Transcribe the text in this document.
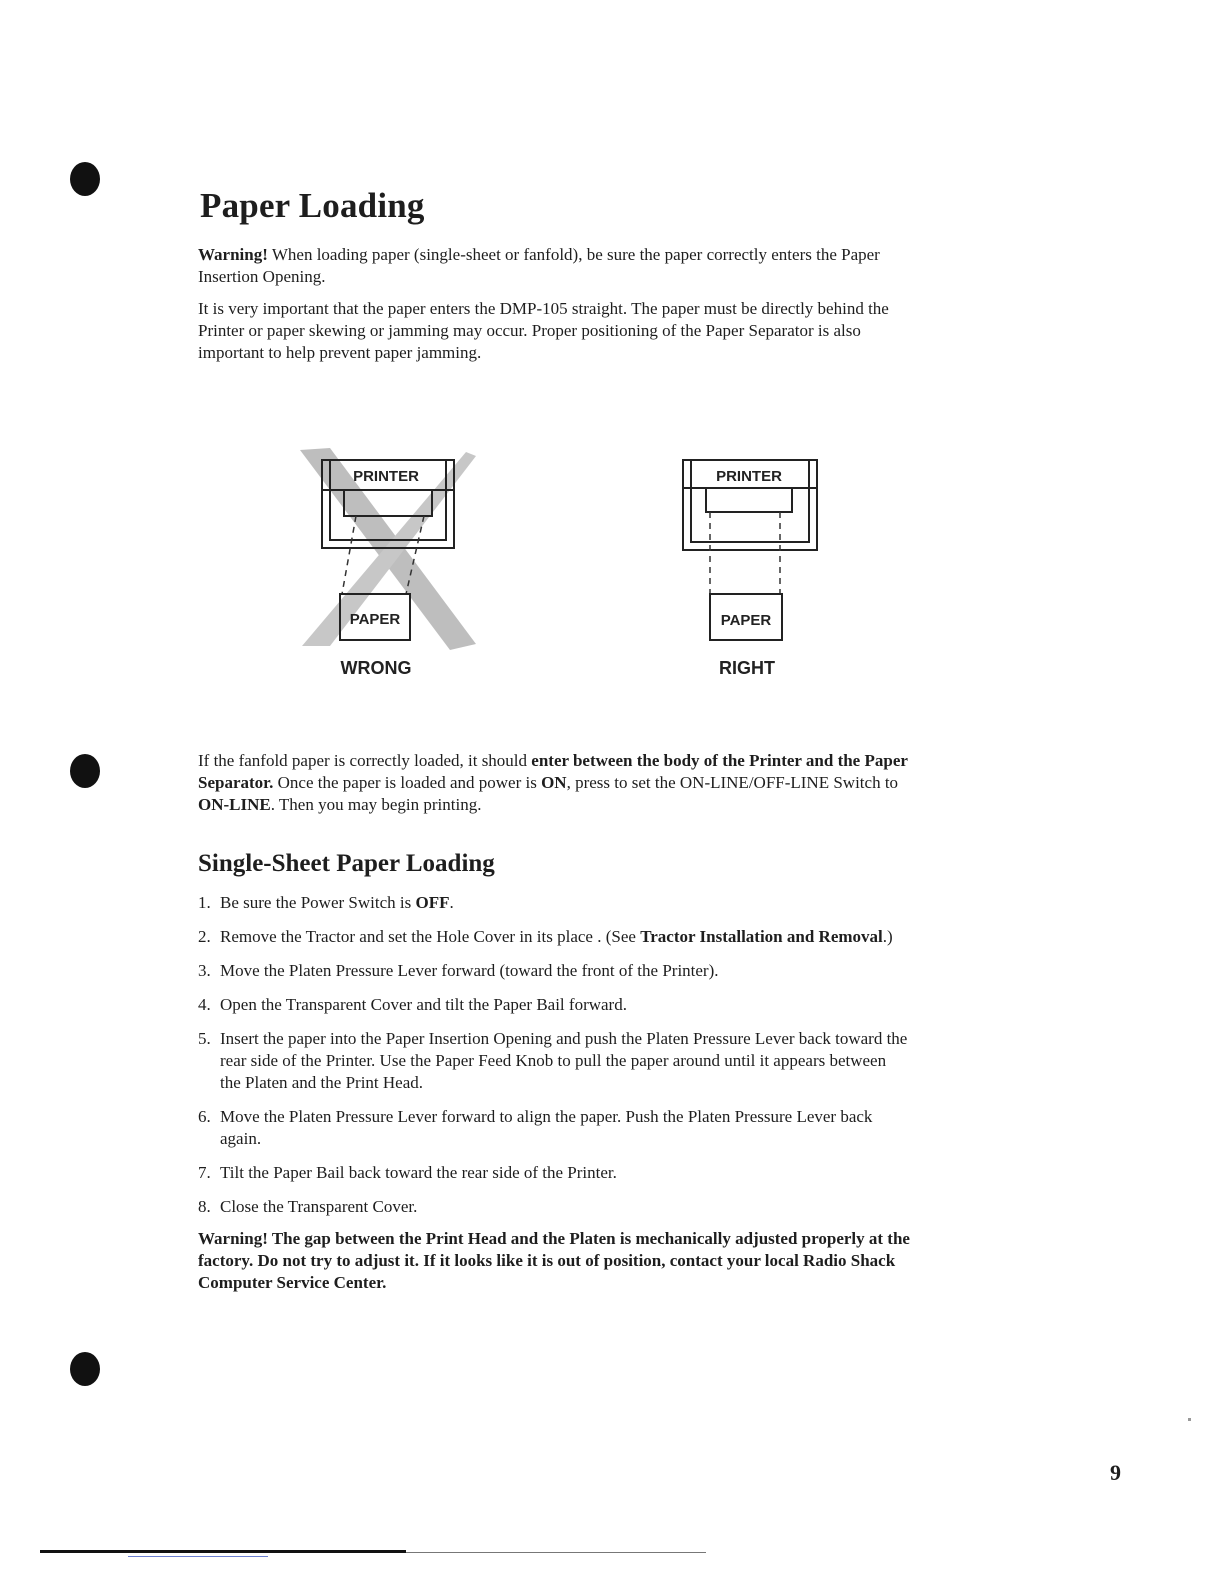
Paper Loading

Warning! When loading paper (single-sheet or fanfold), be sure the paper correctly enters the Paper Insertion Opening.

It is very important that the paper enters the DMP-105 straight. The paper must be directly behind the Printer or paper skewing or jamming may occur. Proper positioning of the Paper Separator is also important to help prevent paper jamming.

PRINTER
PAPER
WRONG
PRINTER
PAPER
RIGHT

If the fanfold paper is correctly loaded, it should enter between the body of the Printer and the Paper Separator. Once the paper is loaded and power is ON, press to set the ON-LINE/OFF-LINE Switch to ON-LINE. Then you may begin printing.

Single-Sheet Paper Loading
1. Be sure the Power Switch is OFF.
2. Remove the Tractor and set the Hole Cover in its place . (See Tractor Installation and Removal.)
3. Move the Platen Pressure Lever forward (toward the front of the Printer).
4. Open the Transparent Cover and tilt the Paper Bail forward.
5. Insert the paper into the Paper Insertion Opening and push the Platen Pressure Lever back toward the rear side of the Printer. Use the Paper Feed Knob to pull the paper around until it appears between the Platen and the Print Head.
6. Move the Platen Pressure Lever forward to align the paper. Push the Platen Pressure Lever back again.
7. Tilt the Paper Bail back toward the rear side of the Printer.
8. Close the Transparent Cover.

Warning! The gap between the Print Head and the Platen is mechanically adjusted properly at the factory. Do not try to adjust it. If it looks like it is out of position, contact your local Radio Shack Computer Service Center.

9
